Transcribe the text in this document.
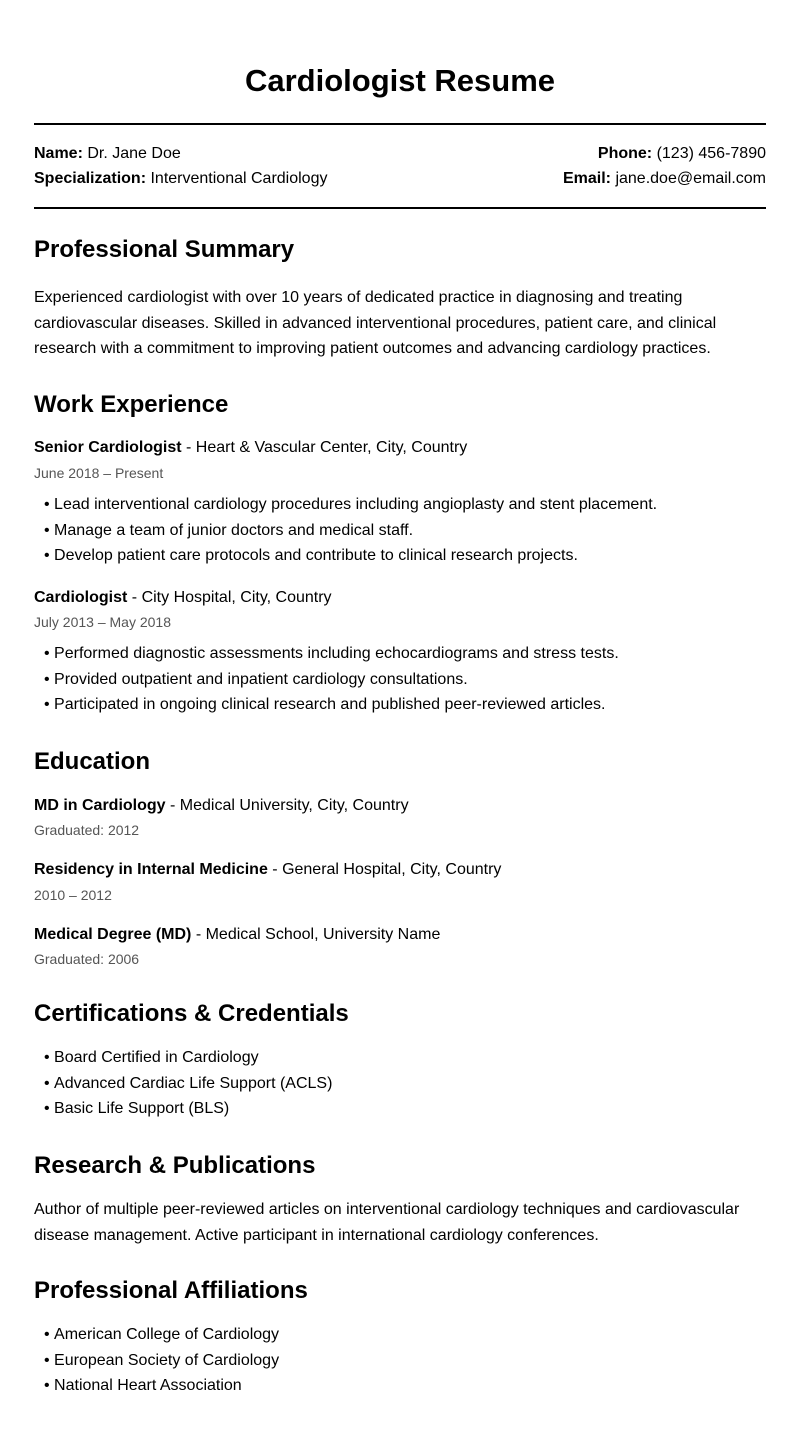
Cardiologist Resume
Name: Dr. Jane Doe	Phone: (123) 456-7890
Specialization: Interventional Cardiology	Email: jane.doe@email.com
Professional Summary

Experienced cardiologist with over 10 years of dedicated practice in diagnosing and treating cardiovascular diseases. Skilled in advanced interventional procedures, patient care, and clinical research with a commitment to improving patient outcomes and advancing cardiology practices.

Work Experience
Senior Cardiologist - Heart & Vascular Center, City, Country
June 2018 – Present
• Lead interventional cardiology procedures including angioplasty and stent placement.
• Manage a team of junior doctors and medical staff.
• Develop patient care protocols and contribute to clinical research projects.
Cardiologist - City Hospital, City, Country
July 2013 – May 2018
• Performed diagnostic assessments including echocardiograms and stress tests.
• Provided outpatient and inpatient cardiology consultations.
• Participated in ongoing clinical research and published peer-reviewed articles.
Education
MD in Cardiology - Medical University, City, Country
Graduated: 2012
Residency in Internal Medicine - General Hospital, City, Country
2010 – 2012
Medical Degree (MD) - Medical School, University Name
Graduated: 2006
Certifications & Credentials
• Board Certified in Cardiology
• Advanced Cardiac Life Support (ACLS)
• Basic Life Support (BLS)
Research & Publications

Author of multiple peer-reviewed articles on interventional cardiology techniques and cardiovascular disease management. Active participant in international cardiology conferences.

Professional Affiliations
• American College of Cardiology
• European Society of Cardiology
• National Heart Association
